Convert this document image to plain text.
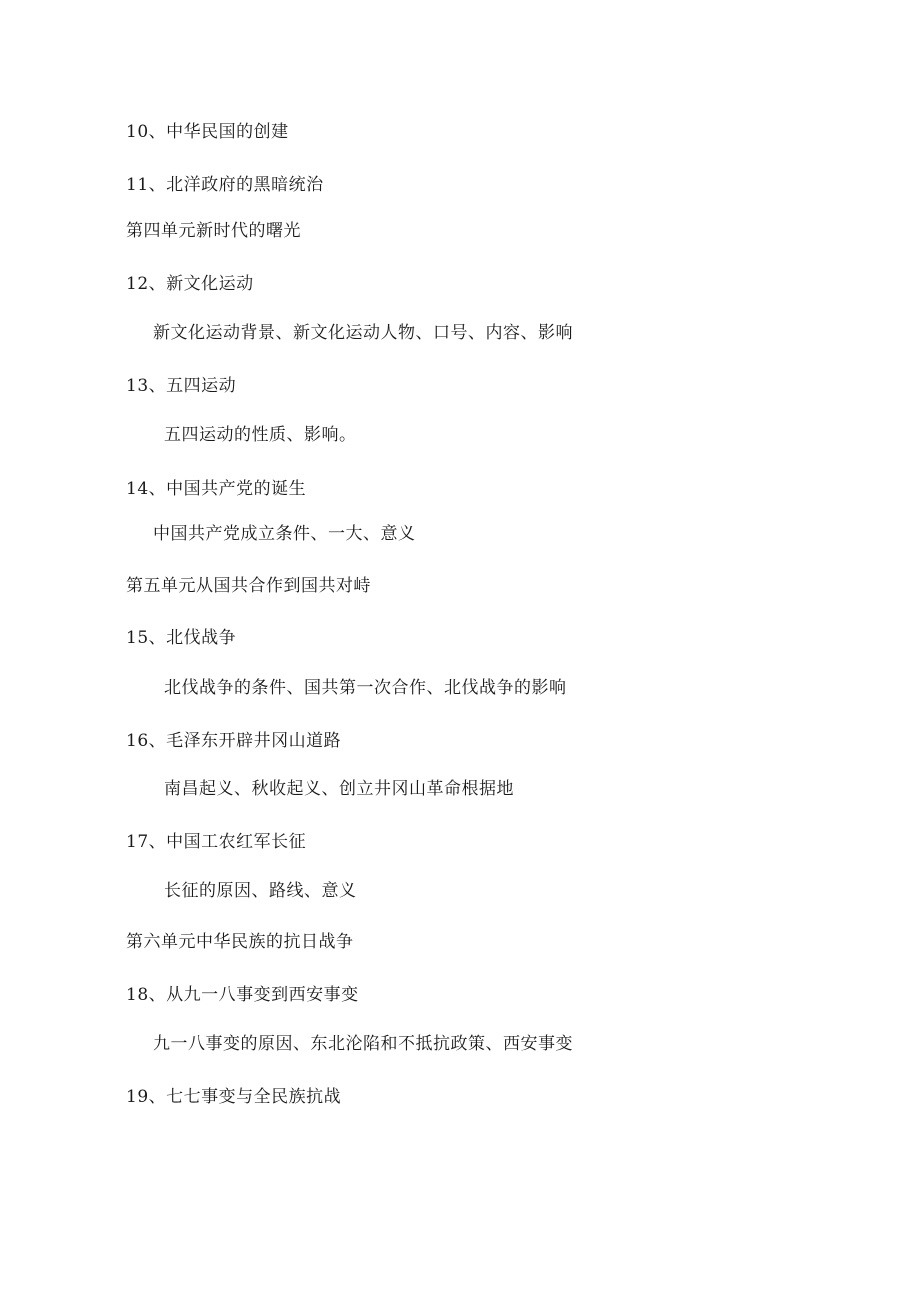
10、中华民国的创建
11、北洋政府的黑暗统治
第四单元新时代的曙光
12、新文化运动
新文化运动背景、新文化运动人物、口号、内容、影响
13、五四运动
五四运动的性质、影响。
14、中国共产党的诞生
中国共产党成立条件、一大、意义
第五单元从国共合作到国共对峙
15、北伐战争
北伐战争的条件、国共第一次合作、北伐战争的影响
16、毛泽东开辟井冈山道路
南昌起义、秋收起义、创立井冈山革命根据地
17、中国工农红军长征
长征的原因、路线、意义
第六单元中华民族的抗日战争
18、从九一八事变到西安事变
九一八事变的原因、东北沦陷和不抵抗政策、西安事变
19、七七事变与全民族抗战
